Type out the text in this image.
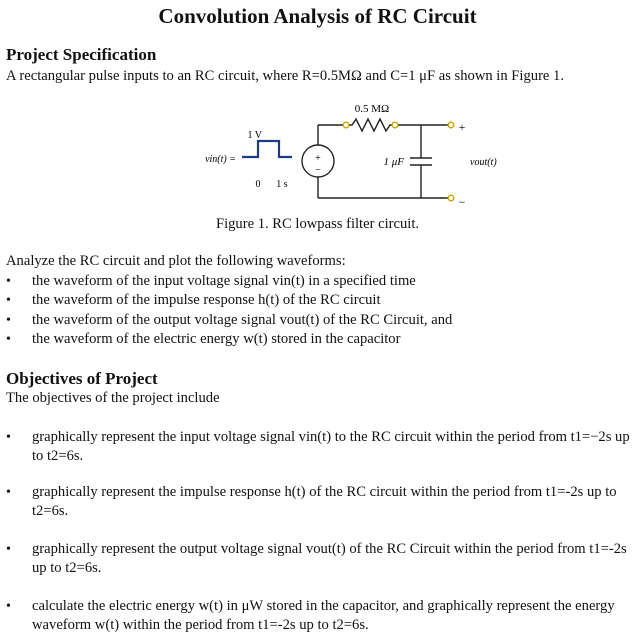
Convolution Analysis of RC Circuit
Project Specification
A rectangular pulse inputs to an RC circuit, where R=0.5MΩ and C=1 μF as shown in Figure 1.
0.5 MΩ
1 μF
vin(t) =
1 V
0 1 s
+
−
+
−
vout(t)
Figure 1. RC lowpass filter circuit.
Analyze the RC circuit and plot the following waveforms:
• the waveform of the input voltage signal vin(t) in a specified time
• the waveform of the impulse response h(t) of the RC circuit
• the waveform of the output voltage signal vout(t) of the RC Circuit, and
• the waveform of the electric energy w(t) stored in the capacitor
Objectives of Project
The objectives of the project include
•	graphically represent the input voltage signal vin(t) to the RC circuit within the period from t1=−2s up to t2=6s.
•	graphically represent the impulse response h(t) of the RC circuit within the period from t1=-2s up to t2=6s.
•	graphically represent the output voltage signal vout(t) of the RC Circuit within the period from t1=-2s up to t2=6s.
•	calculate the electric energy w(t) in μW stored in the capacitor, and graphically represent the energy waveform w(t) within the period from t1=-2s up to t2=6s.
